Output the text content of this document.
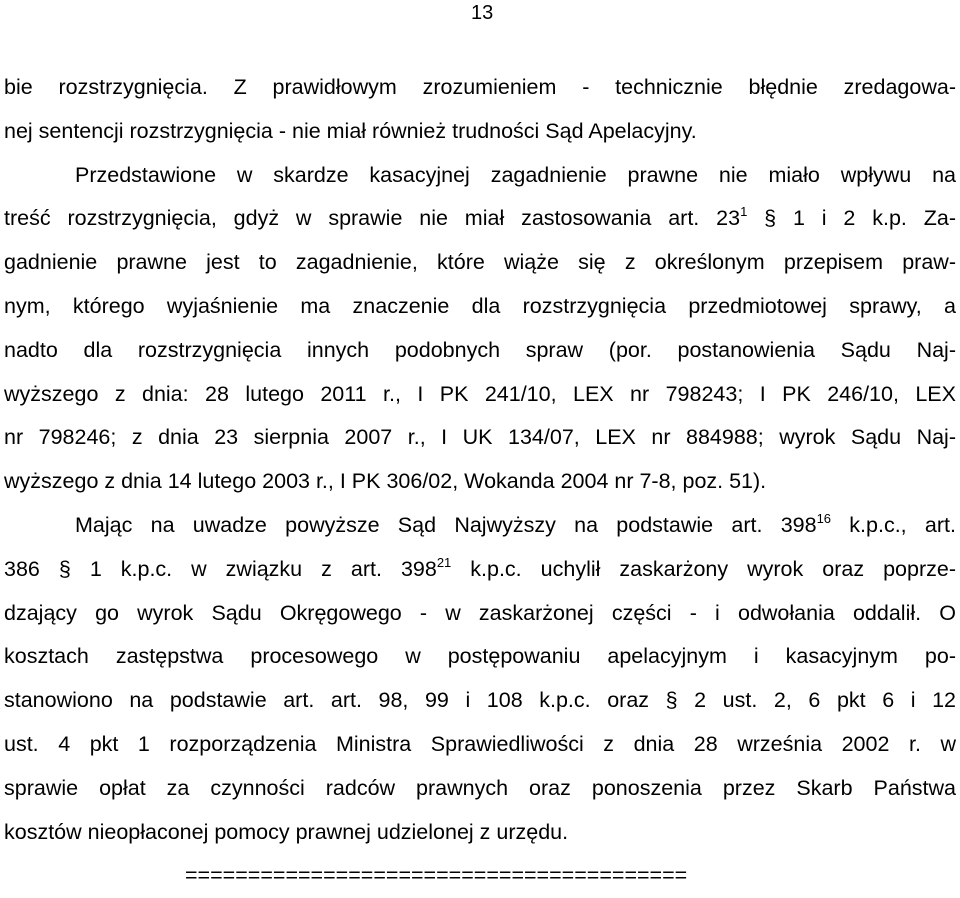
13
bie rozstrzygnięcia. Z prawidłowym zrozumieniem - technicznie błędnie zredagowa-
nej sentencji rozstrzygnięcia - nie miał również trudności Sąd Apelacyjny.
Przedstawione w skardze kasacyjnej zagadnienie prawne nie miało wpływu na
treść rozstrzygnięcia, gdyż w sprawie nie miał zastosowania art. $23^1$ § 1 i 2 k.p. Za-
gadnienie prawne jest to zagadnienie, które wiąże się z określonym przepisem praw-
nym, którego wyjaśnienie ma znaczenie dla rozstrzygnięcia przedmiotowej sprawy, a
nadto dla rozstrzygnięcia innych podobnych spraw (por. postanowienia Sądu Naj-
wyższego z dnia: 28 lutego 2011 r., I PK 241/10, LEX nr 798243; I PK 246/10, LEX
nr 798246; z dnia 23 sierpnia 2007 r., I UK 134/07, LEX nr 884988; wyrok Sądu Naj-
wyższego z dnia 14 lutego 2003 r., I PK 306/02, Wokanda 2004 nr 7-8, poz. 51).
Mając na uwadze powyższe Sąd Najwyższy na podstawie art. $398^{16}$ k.p.c., art.
386 § 1 k.p.c. w związku z art. $398^{21}$ k.p.c. uchylił zaskarżony wyrok oraz poprze-
dzający go wyrok Sądu Okręgowego - w zaskarżonej części - i odwołania oddalił. O
kosztach zastępstwa procesowego w postępowaniu apelacyjnym i kasacyjnym po-
stanowiono na podstawie art. art. 98, 99 i 108 k.p.c. oraz § 2 ust. 2, 6 pkt 6 i 12
ust. 4 pkt 1 rozporządzenia Ministra Sprawiedliwości z dnia 28 września 2002 r. w
sprawie opłat za czynności radców prawnych oraz ponoszenia przez Skarb Państwa
kosztów nieopłaconej pomocy prawnej udzielonej z urzędu.
========================================
